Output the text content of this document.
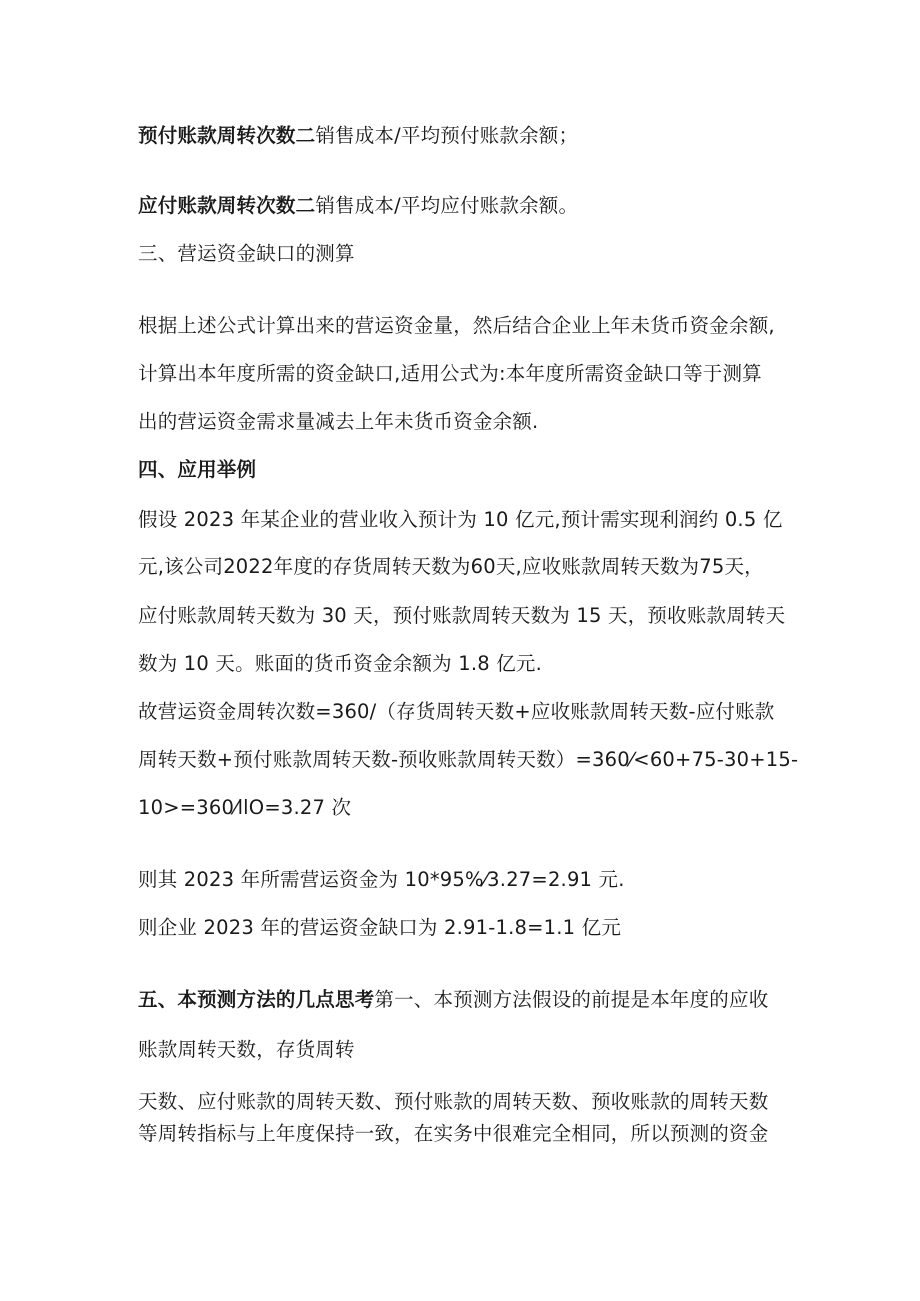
预付账款周转次数二销售成本/平均预付账款余额；
应付账款周转次数二销售成本/平均应付账款余额。
三、营运资金缺口的测算
根据上述公式计算出来的营运资金量，然后结合企业上年未货币资金余额,
计算出本年度所需的资金缺口,适用公式为:本年度所需资金缺口等于测算
出的营运资金需求量减去上年未货币资金余额.
四、应用举例
假设 2023 年某企业的营业收入预计为 10 亿元,预计需实现利润约 0.5 亿
元,该公司2022年度的存货周转天数为60天,应收账款周转天数为75天，
应付账款周转天数为 30 天，预付账款周转天数为 15 天，预收账款周转天
数为 10 天。账面的货币资金余额为 1.8 亿元.
故营运资金周转次数=360/（存货周转天数+应收账款周转天数-应付账款
周转天数+预付账款周转天数-预收账款周转天数）=360⁄<60+75-30+15-
10>=360⁄llO=3.27 次
则其 2023 年所需营运资金为 10*95%⁄3.27=2.91 元.
则企业 2023 年的营运资金缺口为 2.91-1.8=1.1 亿元
五、本预测方法的几点思考第一、本预测方法假设的前提是本年度的应收
账款周转天数，存货周转
天数、应付账款的周转天数、预付账款的周转天数、预收账款的周转天数
等周转指标与上年度保持一致，在实务中很难完全相同，所以预测的资金
